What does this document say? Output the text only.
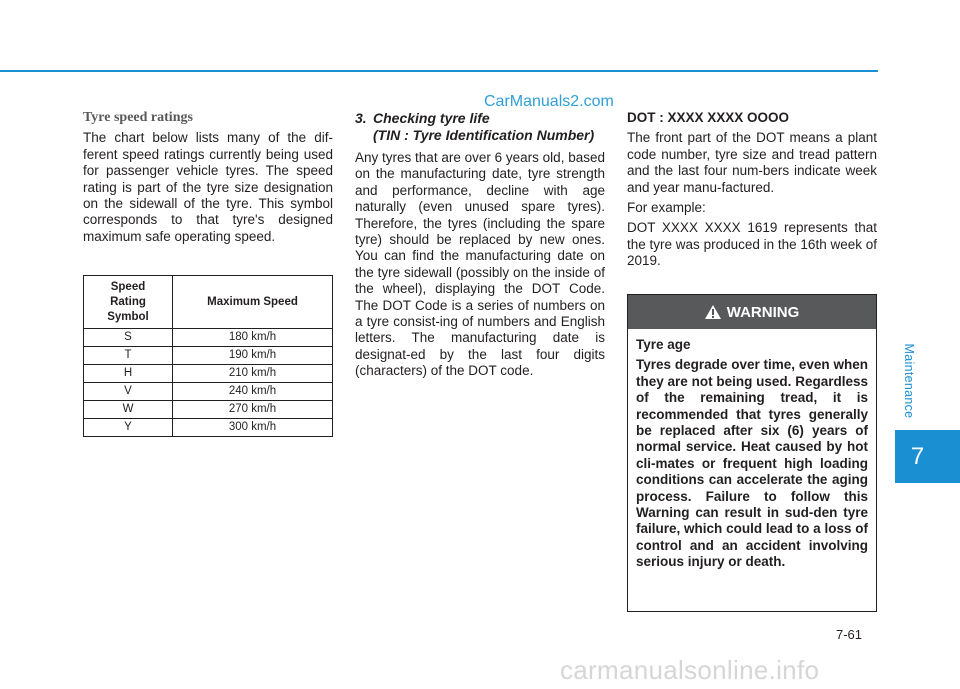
CarManuals2.com
Maintenance
7
Tyre speed ratings

The chart below lists many of the dif-ferent speed ratings currently being used for passenger vehicle tyres. The speed rating is part of the tyre size designation on the sidewall of the tyre. This symbol corresponds to that tyre's designed maximum safe operating speed.

Speed Rating Symbol	Maximum Speed
S	180 km/h
T	190 km/h
H	210 km/h
V	240 km/h
W	270 km/h
Y	300 km/h
3. Checking tyre life
(TIN : Tyre Identification Number)

Any tyres that are over 6 years old, based on the manufacturing date, tyre strength and performance, decline with age naturally (even unused spare tyres). Therefore, the tyres (including the spare tyre) should be replaced by new ones. You can find the manufacturing date on the tyre sidewall (possibly on the inside of the wheel), displaying the DOT Code. The DOT Code is a series of numbers on a tyre consist-ing of numbers and English letters. The manufacturing date is designat-ed by the last four digits (characters) of the DOT code.

DOT : XXXX XXXX OOOO

The front part of the DOT means a plant code number, tyre size and tread pattern and the last four num-bers indicate week and year manu-factured.

For example:

DOT XXXX XXXX 1619 represents that the tyre was produced in the 16th week of 2019.

WARNING

Tyre age

Tyres degrade over time, even when they are not being used. Regardless of the remaining tread, it is recommended that tyres generally be replaced after six (6) years of normal service. Heat caused by hot cli-mates or frequent high loading conditions can accelerate the aging process. Failure to follow this Warning can result in sud-den tyre failure, which could lead to a loss of control and an accident involving serious injury or death.

7-61
carmanualsonline.info
